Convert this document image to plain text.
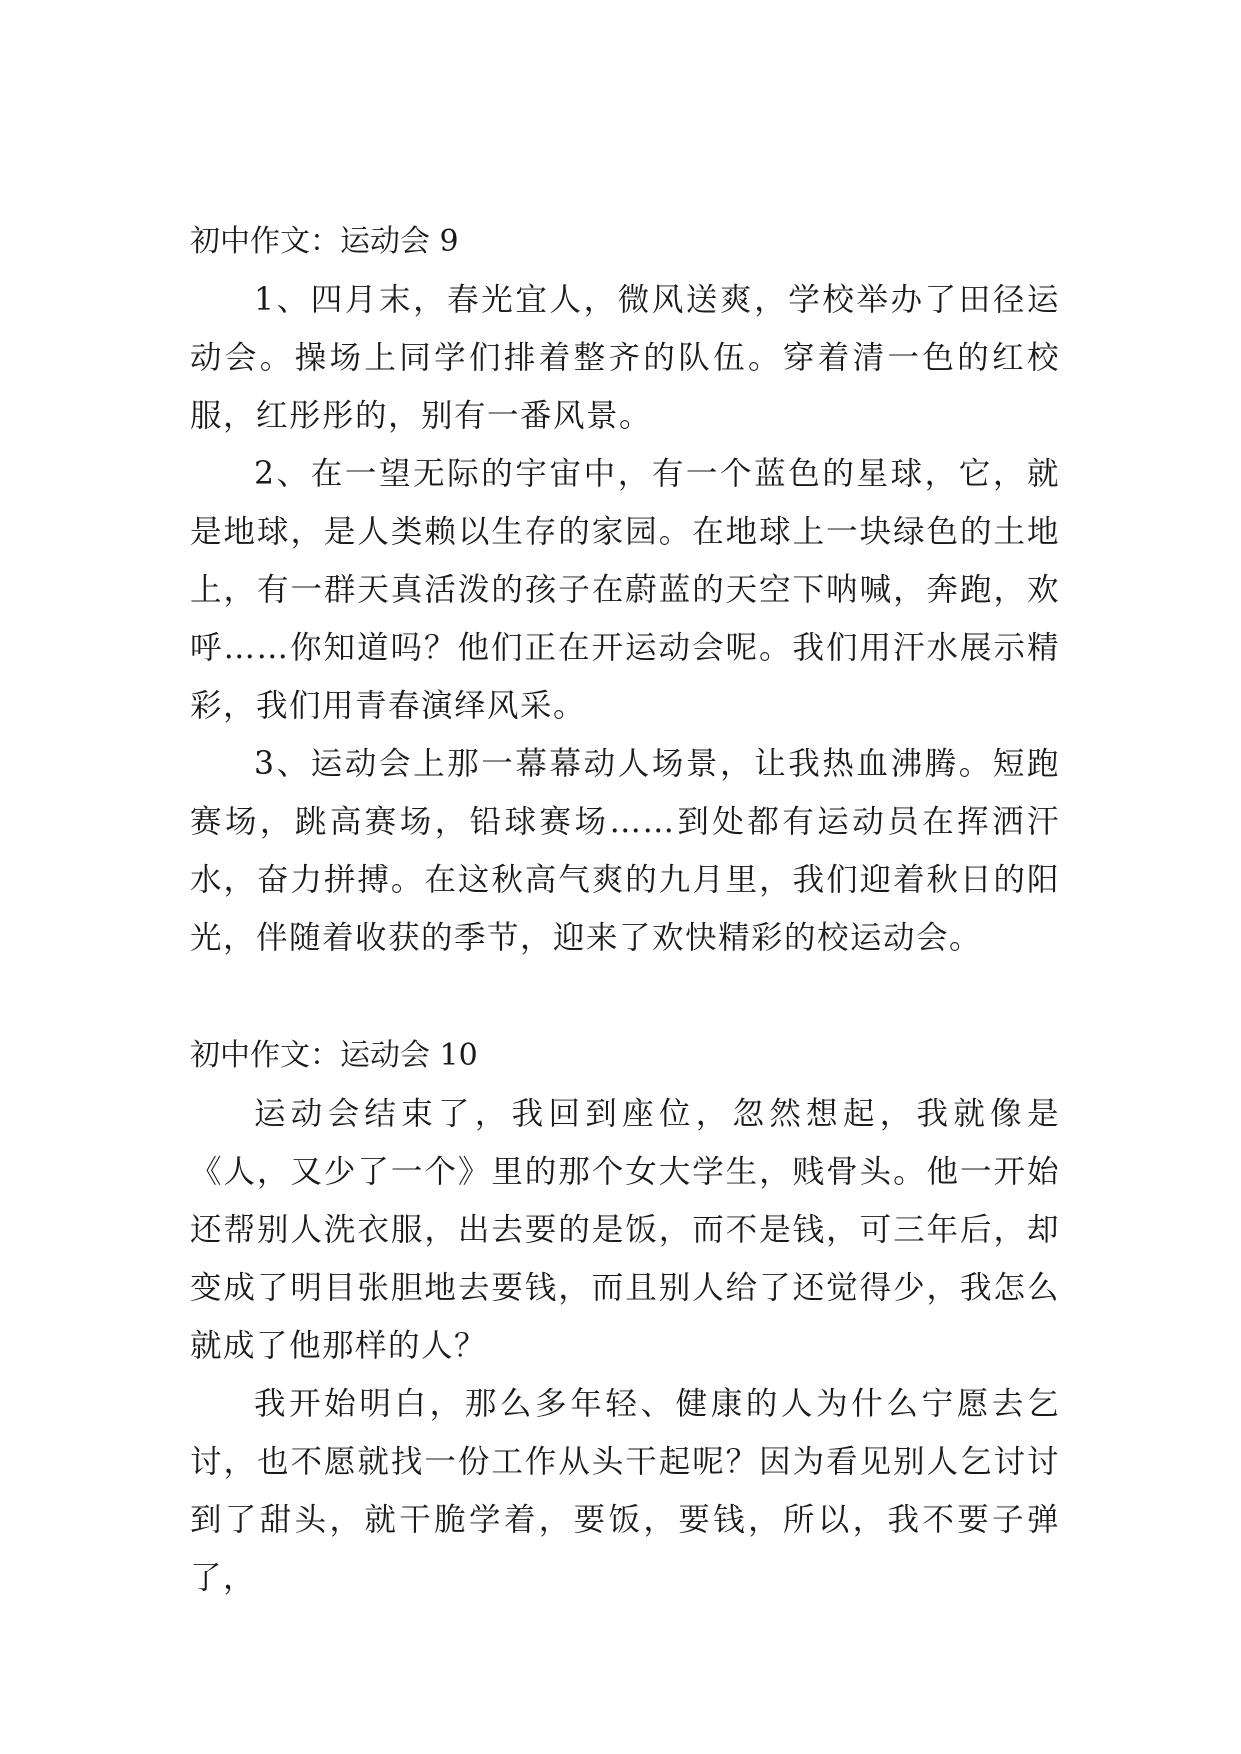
初中作文：运动会 9

1、四月末，春光宜人，微风送爽，学校举办了田径运动会。操场上同学们排着整齐的队伍。穿着清一色的红校服，红彤彤的，别有一番风景。

2、在一望无际的宇宙中，有一个蓝色的星球，它，就是地球，是人类赖以生存的家园。在地球上一块绿色的土地上，有一群天真活泼的孩子在蔚蓝的天空下呐喊，奔跑，欢呼……你知道吗？他们正在开运动会呢。我们用汗水展示精彩，我们用青春演绎风采。

3、运动会上那一幕幕动人场景，让我热血沸腾。短跑赛场，跳高赛场，铅球赛场……到处都有运动员在挥洒汗水，奋力拼搏。在这秋高气爽的九月里，我们迎着秋日的阳光，伴随着收获的季节，迎来了欢快精彩的校运动会。

初中作文：运动会 10

运动会结束了，我回到座位，忽然想起，我就像是《人，又少了一个》里的那个女大学生，贱骨头。他一开始还帮别人洗衣服，出去要的是饭，而不是钱，可三年后，却变成了明目张胆地去要钱，而且别人给了还觉得少，我怎么就成了他那样的人？

我开始明白，那么多年轻、健康的人为什么宁愿去乞讨，也不愿就找一份工作从头干起呢？因为看见别人乞讨讨到了甜头，就干脆学着，要饭，要钱，所以，我不要子弹了，
